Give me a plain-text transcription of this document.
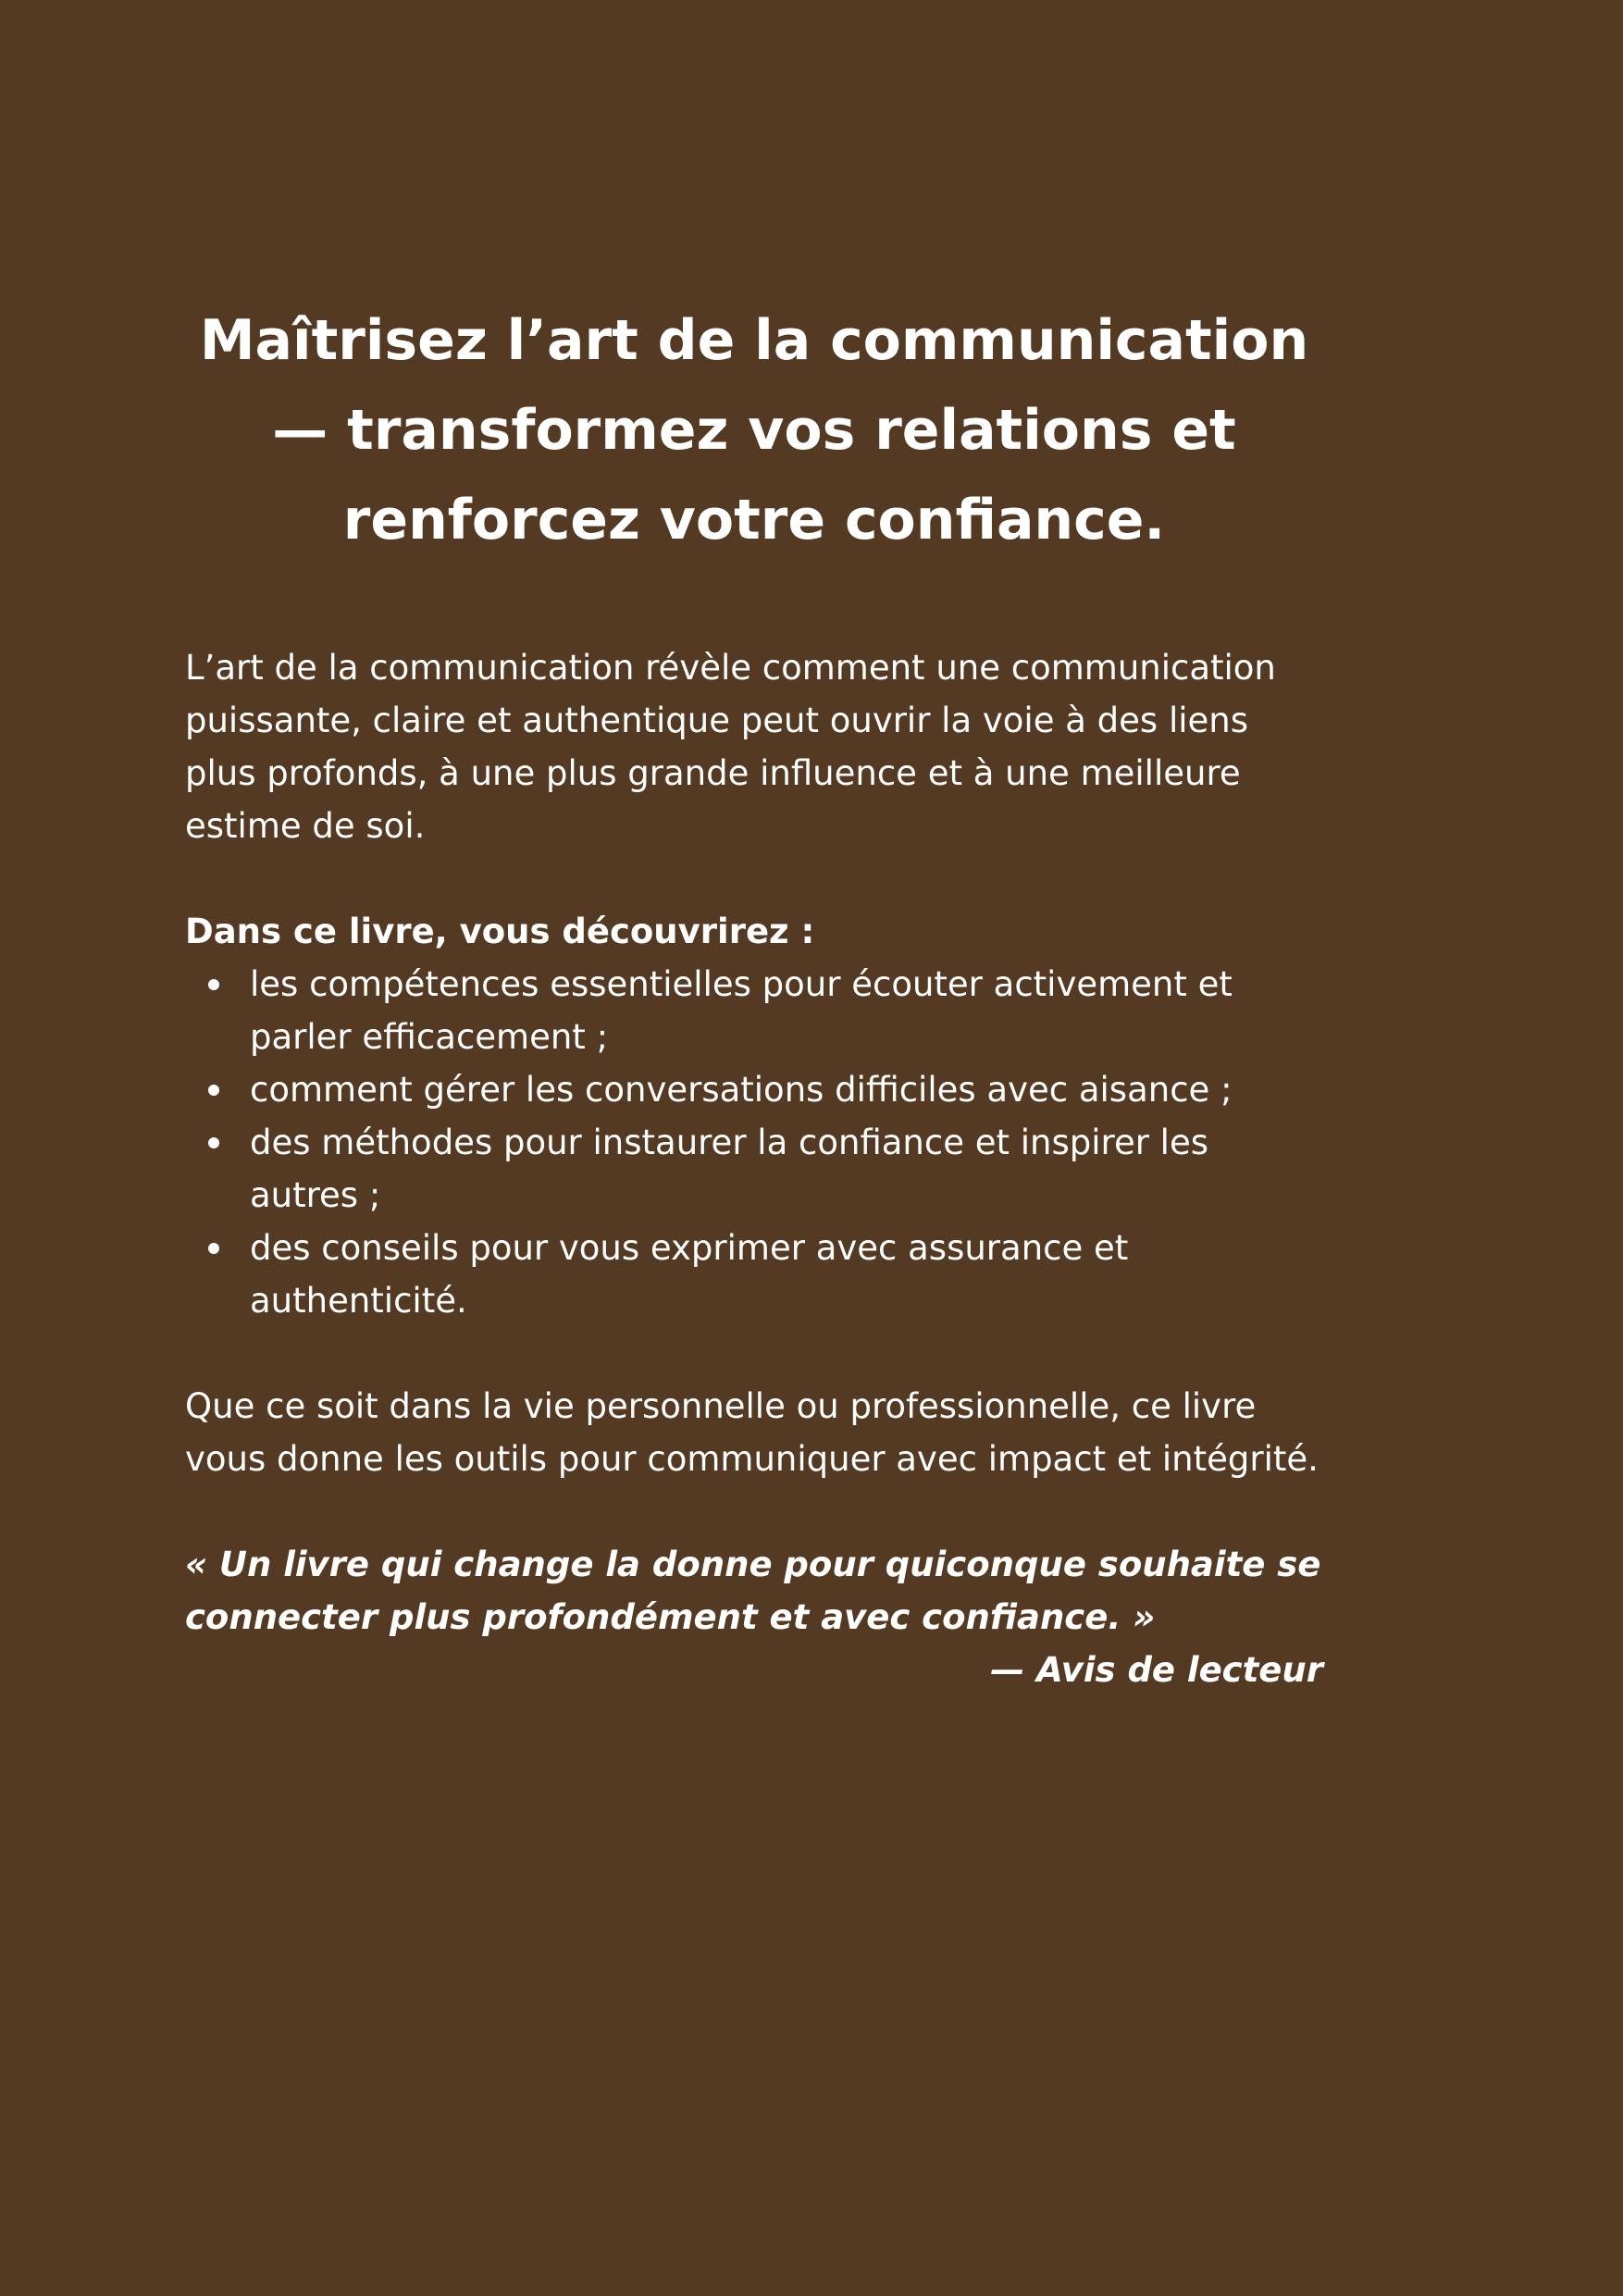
Maîtrisez l’art de la communication
— transformez vos relations et
renforcez votre confiance.

L’art de la communication révèle comment une communication puissante, claire et authentique peut ouvrir la voie à des liens plus profonds, à une plus grande influence et à une meilleure estime de soi.

Dans ce livre, vous découvrirez :

les compétences essentielles pour écouter activement et parler efficacement ;
comment gérer les conversations difficiles avec aisance ;
des méthodes pour instaurer la confiance et inspirer les autres ;
des conseils pour vous exprimer avec assurance et authenticité.

Que ce soit dans la vie personnelle ou professionnelle, ce livre vous donne les outils pour communiquer avec impact et intégrité.

« Un livre qui change la donne pour quiconque souhaite se connecter plus profondément et avec confiance. »

— Avis de lecteur
